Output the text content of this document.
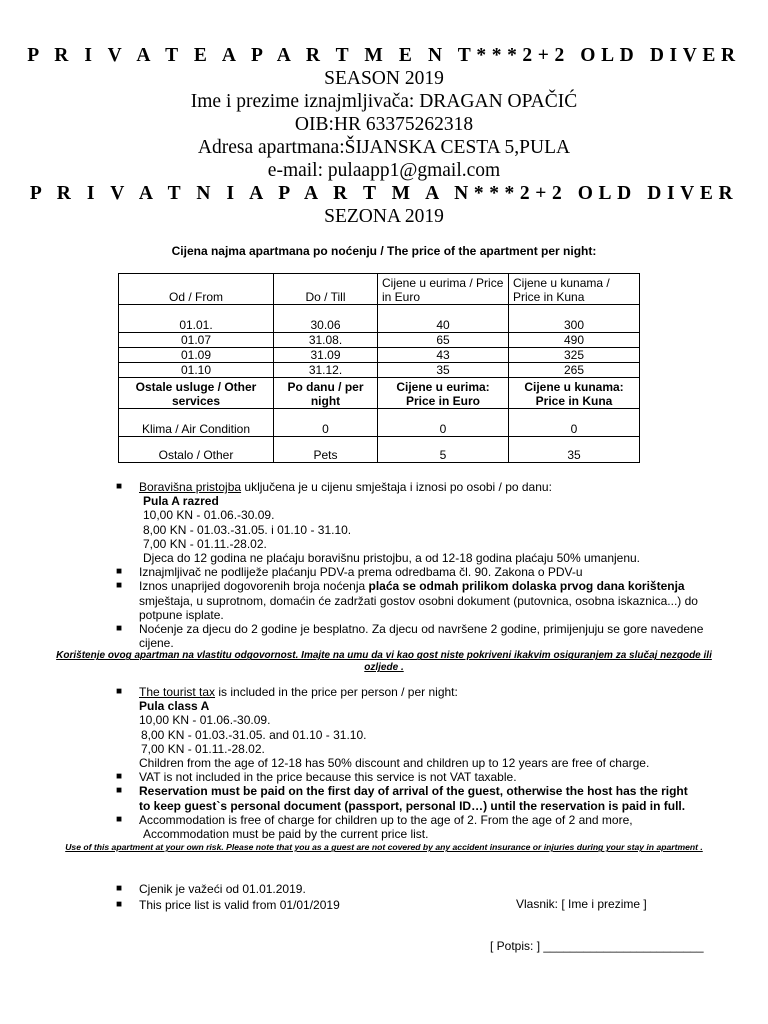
P R I V A T E A P A R T M E N T***2+2 OLD DIVER
SEASON 2019
Ime i prezime iznajmljivača: DRAGAN OPAČIĆ
OIB:HR 63375262318
Adresa apartmana:ŠIJANSKA CESTA 5,PULA
e-mail: pulaapp1@gmail.com
P R I V A T N I A P A R T M A N***2+2 OLD DIVER
SEZONA 2019
Cijena najma apartmana po noćenju / The price of the apartment per night:
Od / From	Do / Till	Cijene u eurima / Price in Euro	Cijene u kunama / Price in Kuna
01.01.	30.06	40	300
01.07	31.08.	65	490
01.09	31.09	43	325
01.10	31.12.	35	265
Ostale usluge / Other services	Po danu / per night	Cijene u eurima: Price in Euro	Cijene u kunama: Price in Kuna
Klima / Air Condition	0	0	0
Ostalo / Other	Pets	5	35
■ Boravišna pristojba uključena je u cijenu smještaja i iznosi po osobi / po danu:
Pula A razred
10,00 KN - 01.06.-30.09.
8,00 KN - 01.03.-31.05. i 01.10 - 31.10.
7,00 KN - 01.11.-28.02.
Djeca do 12 godina ne plaćaju boravišnu pristojbu, a od 12-18 godina plaćaju 50% umanjenu.
■ Iznajmljivač ne podliježe plaćanju PDV-a prema odredbama čl. 90. Zakona o PDV-u
■ Iznos unaprijed dogovorenih broja noćenja plaća se odmah prilikom dolaska prvog dana korištenja smještaja, u suprotnom, domaćin će zadržati gostov osobni dokument (putovnica, osobna iskaznica...) do potpune isplate.
■ Noćenje za djecu do 2 godine je besplatno. Za djecu od navršene 2 godine, primijenjuju se gore navedene cijene.
Korištenje ovog apartman na vlastitu odgovornost. Imajte na umu da vi kao gost niste pokriveni ikakvim osiguranjem za slučaj nezgode ili ozljede .
■ The tourist tax is included in the price per person / per night:
Pula class A
10,00 KN - 01.06.-30.09.
8,00 KN - 01.03.-31.05. and 01.10 - 31.10.
7,00 KN - 01.11.-28.02.
Children from the age of 12-18 has 50% discount and children up to 12 years are free of charge.
■ VAT is not included in the price because this service is not VAT taxable.
■ Reservation must be paid on the first day of arrival of the guest, otherwise the host has the right to keep guest`s personal document (passport, personal ID…) until the reservation is paid in full.
■ Accommodation is free of charge for children up to the age of 2. From the age of 2 and more,
Accommodation must be paid by the current price list.
Use of this apartment at your own risk. Please note that you as a guest are not covered by any accident insurance or injuries during your stay in apartment .
■ Cjenik je važeći od 01.01.2019.
■ This price list is valid from 01/01/2019	Vlasnik: [ Ime i prezime ]
[ Potpis: ] ________________________
